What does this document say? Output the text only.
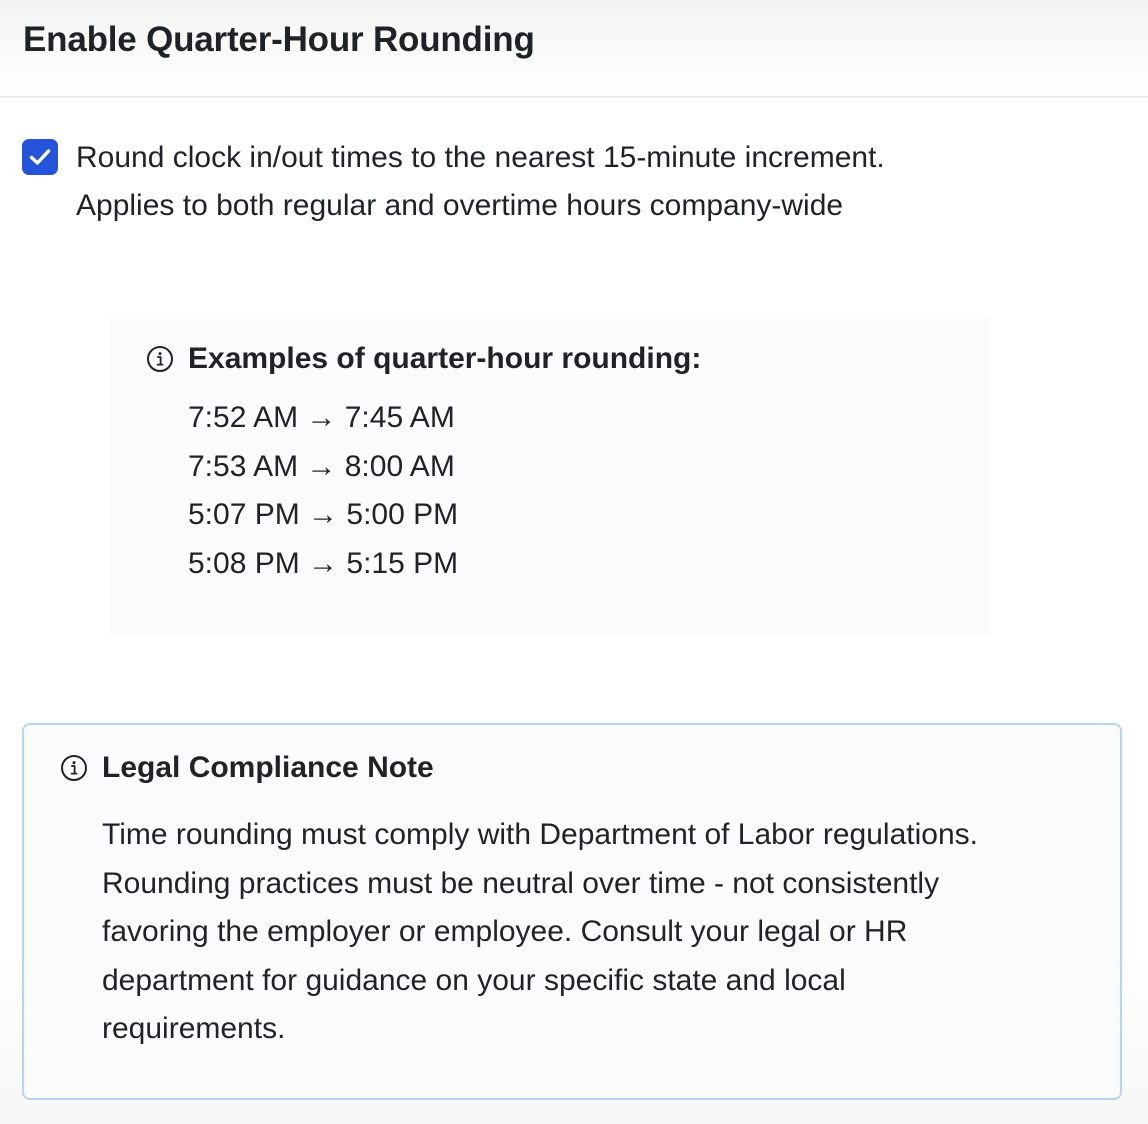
Enable Quarter-Hour Rounding
Round clock in/out times to the nearest 15-minute increment.
Applies to both regular and overtime hours company-wide
Examples of quarter-hour rounding:
7:52 AM → 7:45 AM
7:53 AM → 8:00 AM
5:07 PM → 5:00 PM
5:08 PM → 5:15 PM
Legal Compliance Note
Time rounding must comply with Department of Labor regulations.
Rounding practices must be neutral over time - not consistently
favoring the employer or employee. Consult your legal or HR
department for guidance on your specific state and local
requirements.
